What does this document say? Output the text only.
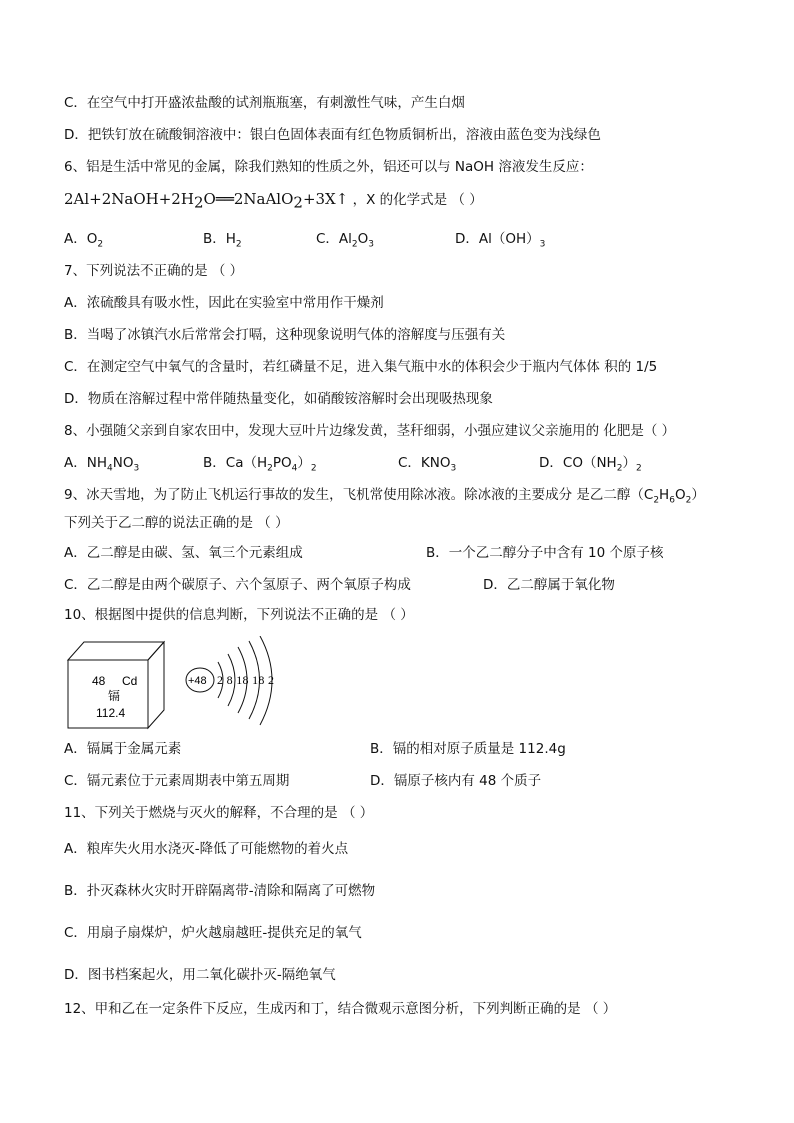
C．在空气中打开盛浓盐酸的试剂瓶瓶塞，有刺激性气味，产生白烟
D．把铁钉放在硫酸铜溶液中：银白色固体表面有红色物质铜析出，溶液由蓝色变为浅绿色
6、铝是生活中常见的金属，除我们熟知的性质之外，铝还可以与 NaOH 溶液发生反应：
$2Al+2NaOH+2H_2O══2NaAlO_2+3X↑$ ，X 的化学式是 （ ）
A．$O_2$	B．$H_2$	C．$Al_2O_3$	D．$Al(OH)_3$
7、下列说法不正确的是 （ ）
A．浓硫酸具有吸水性，因此在实验室中常用作干燥剂
B．当喝了冰镇汽水后常常会打嗝，这种现象说明气体的溶解度与压强有关
C．在测定空气中氧气的含量时，若红磷量不足，进入集气瓶中水的体积会少于瓶内气体体 积的 1/5
D．物质在溶解过程中常伴随热量变化，如硝酸铵溶解时会出现吸热现象
8、小强随父亲到自家农田中，发现大豆叶片边缘发黄，茎秆细弱，小强应建议父亲施用的 化肥是（ ）
A．$NH_4NO_3$	B．$Ca(H_2PO_4)_2$	C．$KNO_3$	D．$CO(NH_2)_2$
9、冰天雪地，为了防止飞机运行事故的发生，飞机常使用除冰液。除冰液的主要成分 是乙二醇$(C_2H_6O_2)$
下列关于乙二醇的说法正确的是 （ ）
A．乙二醇是由碳、氢、氧三个元素组成	B．一个乙二醇分子中含有 10 个原子核
C．乙二醇是由两个碳原子、六个氢原子、两个氧原子构成	D．乙二醇属于氧化物
10、根据图中提供的信息判断，下列说法不正确的是 （ ）
48 Cd
镉
112.4
+48 2 8 18 18 2
A．镉属于金属元素	B．镉的相对原子质量是 112.4g
C．镉元素位于元素周期表中第五周期	D．镉原子核内有 48 个质子
11、下列关于燃烧与灭火的解释，不合理的是 （ ）
A．粮库失火用水浇灭-降低了可能燃物的着火点
B．扑灭森林火灾时开辟隔离带-清除和隔离了可燃物
C．用扇子扇煤炉，炉火越扇越旺-提供充足的氧气
D．图书档案起火，用二氧化碳扑灭-隔绝氧气
12、甲和乙在一定条件下反应，生成丙和丁，结合微观示意图分析，下列判断正确的是 （ ）
